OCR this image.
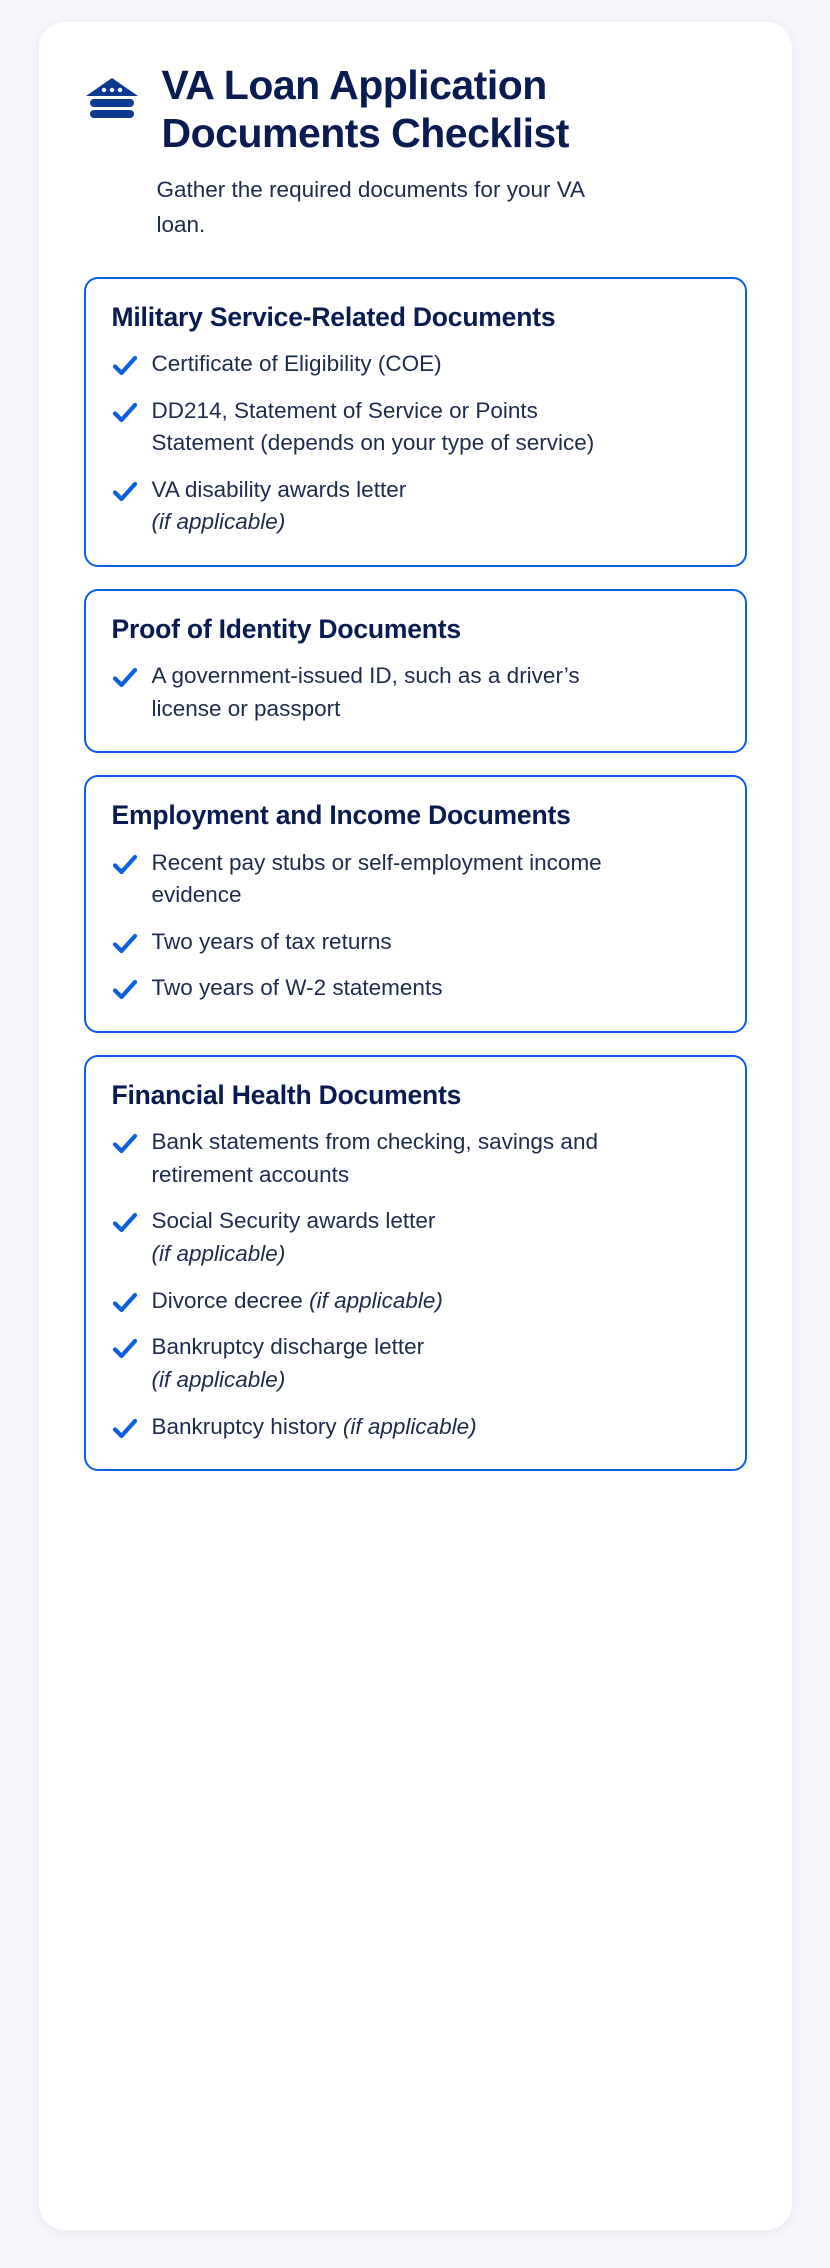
VA Loan Application Documents Checklist

Gather the required documents for your VA loan.

Military Service-Related Documents
Certificate of Eligibility (COE)
DD214, Statement of Service or Points Statement (depends on your type of service)
VA disability awards letter
(if applicable)
Proof of Identity Documents
A government-issued ID, such as a driver’s license or passport
Employment and Income Documents
Recent pay stubs or self-employment income evidence
Two years of tax returns
Two years of W-2 statements
Financial Health Documents
Bank statements from checking, savings and retirement accounts
Social Security awards letter
(if applicable)
Divorce decree (if applicable)
Bankruptcy discharge letter
(if applicable)
Bankruptcy history (if applicable)
